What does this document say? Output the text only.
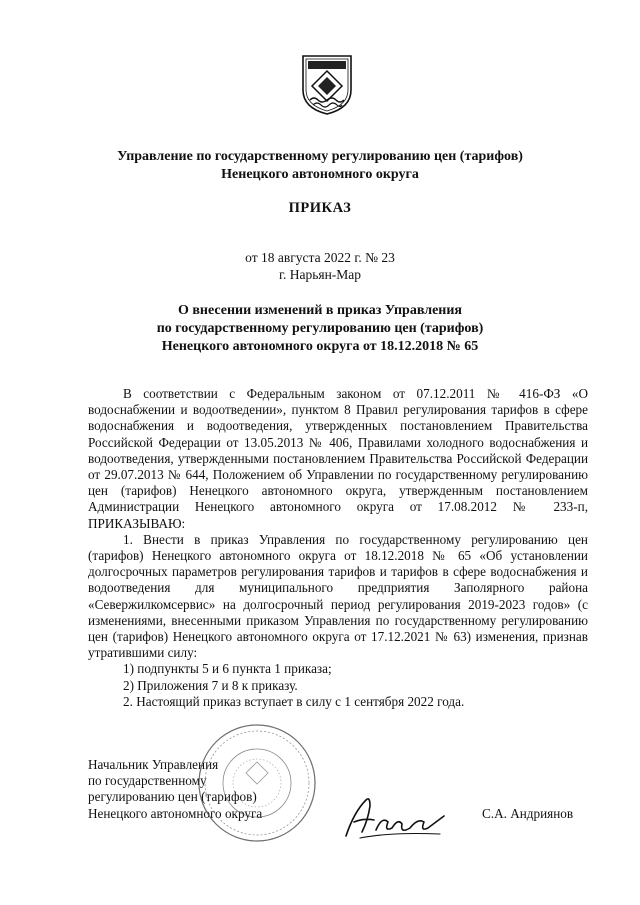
Управление по государственному регулированию цен (тарифов)
Ненецкого автономного округа
ПРИКАЗ
от 18 августа 2022 г. № 23
г. Нарьян-Мар
О внесении изменений в приказ Управления
по государственному регулированию цен (тарифов)
Ненецкого автономного округа от 18.12.2018 № 65

В соответствии с Федеральным законом от 07.12.2011 № 416-ФЗ «О водоснабжении и водоотведении», пунктом 8 Правил регулирования тарифов в сфере водоснабжения и водоотведения, утвержденных постановлением Правительства Российской Федерации от 13.05.2013 № 406, Правилами холодного водоснабжения и водоотведения, утвержденными постановлением Правительства Российской Федерации от 29.07.2013 № 644, Положением об Управлении по государственному регулированию цен (тарифов) Ненецкого автономного округа, утвержденным постановлением Администрации Ненецкого автономного округа от 17.08.2012 № 233-п, ПРИКАЗЫВАЮ:

1. Внести в приказ Управления по государственному регулированию цен (тарифов) Ненецкого автономного округа от 18.12.2018 № 65 «Об установлении долгосрочных параметров регулирования тарифов и тарифов в сфере водоснабжения и водоотведения для муниципального предприятия Заполярного района «Севержилкомсервис» на долгосрочный период регулирования 2019-2023 годов» (с изменениями, внесенными приказом Управления по государственному регулированию цен (тарифов) Ненецкого автономного округа от 17.12.2021 № 63) изменения, признав утратившими силу:

1) подпункты 5 и 6 пункта 1 приказа;

2) Приложения 7 и 8 к приказу.

2. Настоящий приказ вступает в силу с 1 сентября 2022 года.

Начальник Управления
по государственному
регулированию цен (тарифов)
Ненецкого автономного округа	С.А. Андриянов
